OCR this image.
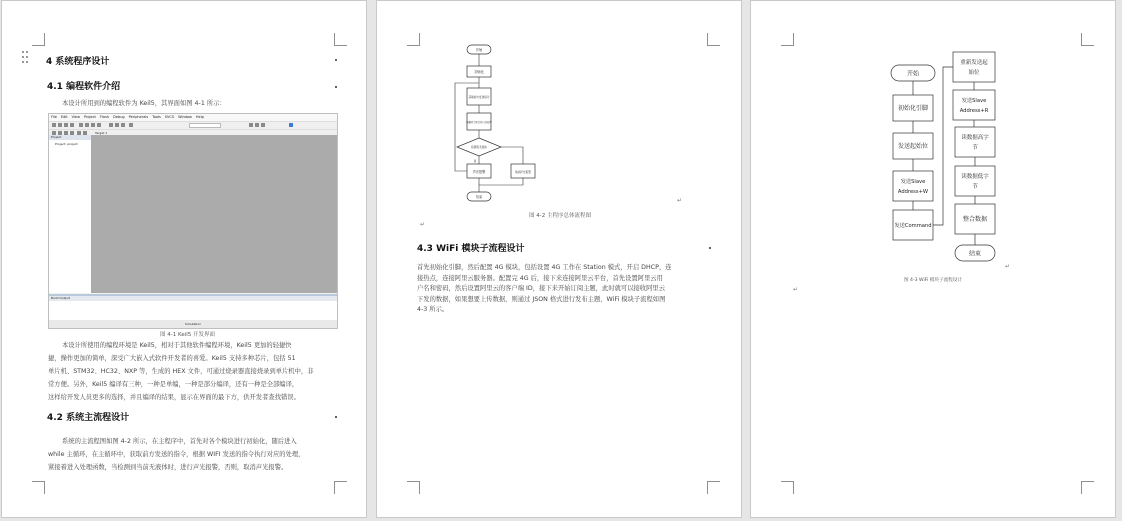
4 系统程序设计
4.1 编程软件介绍
本设计所用到的编程软件为 Keil5，其界面如图 4-1 所示：
File Edit View Project Flash Debug Peripherals Tools SVCS Window Help
Target 1
Project
Project: project
Build Output
Simulation
图 4-1 Keil5 开发界面
本设计所使用的编程环境是 Keil5，相对于其他软件编程环境，Keil5 更加的轻捷快
捷，操作更加的简单，深受广大嵌入式软件开发者的喜爱。Keil5 支持多种芯片，包括 51
单片机、STM32、HC32、NXP 等，生成的 HEX 文件，可通过烧录器直接烧录到单片机中，非
常方便。另外，Keil5 编译有三种，一种是单编，一种是部分编译，还有一种是全部编译，
这样给开发人员更多的选择，并且编译的结果，显示在界面的最下方，供开发者查找错误。
4.2 系统主流程设计
系统的主流程图如图 4-2 所示，在主程序中，首先对各个模块进行初始化，随后进入
while 主循环，在主循环中，获取前方发送的指令，根据 WIFI 发送的指令执行对应的处理，
紧接着进入处理函数，当检测到当前无液体时，进行声光报警，否则，取消声光报警。
开始
初始化
获取前方发送指令
根据指令执行对应的处理
检测有无液体
是
声光报警	取消声光报警
结束	↵
图 4-2 主程序总体流程图
↵
4.3 WiFi 模块子流程设计
首先初始化引脚，然后配置 4G 模块，包括设置 4G 工作在 Station 模式，开启 DHCP，连
接热点，连接阿里云服务器。配置完 4G 后，接下来连接阿里云平台，首先设置阿里云用
户名和密码，然后设置阿里云的客户端 ID，接下来开始订阅主题，此时就可以接收阿里云
下发的数据，如果想要上传数据，则通过 JSON 格式进行发布主题，WiFi 模块子流程如图
4-3 所示。
开始
初始化引脚
发送起始位
发送Slave
Address+W
发送Command
重新发送起
始位
发送Slave
Address+R
读数据高字
节
读数据低字
节
整合数据
结束
↵
图 4-3 WiFi 模块子流程设计
↵
